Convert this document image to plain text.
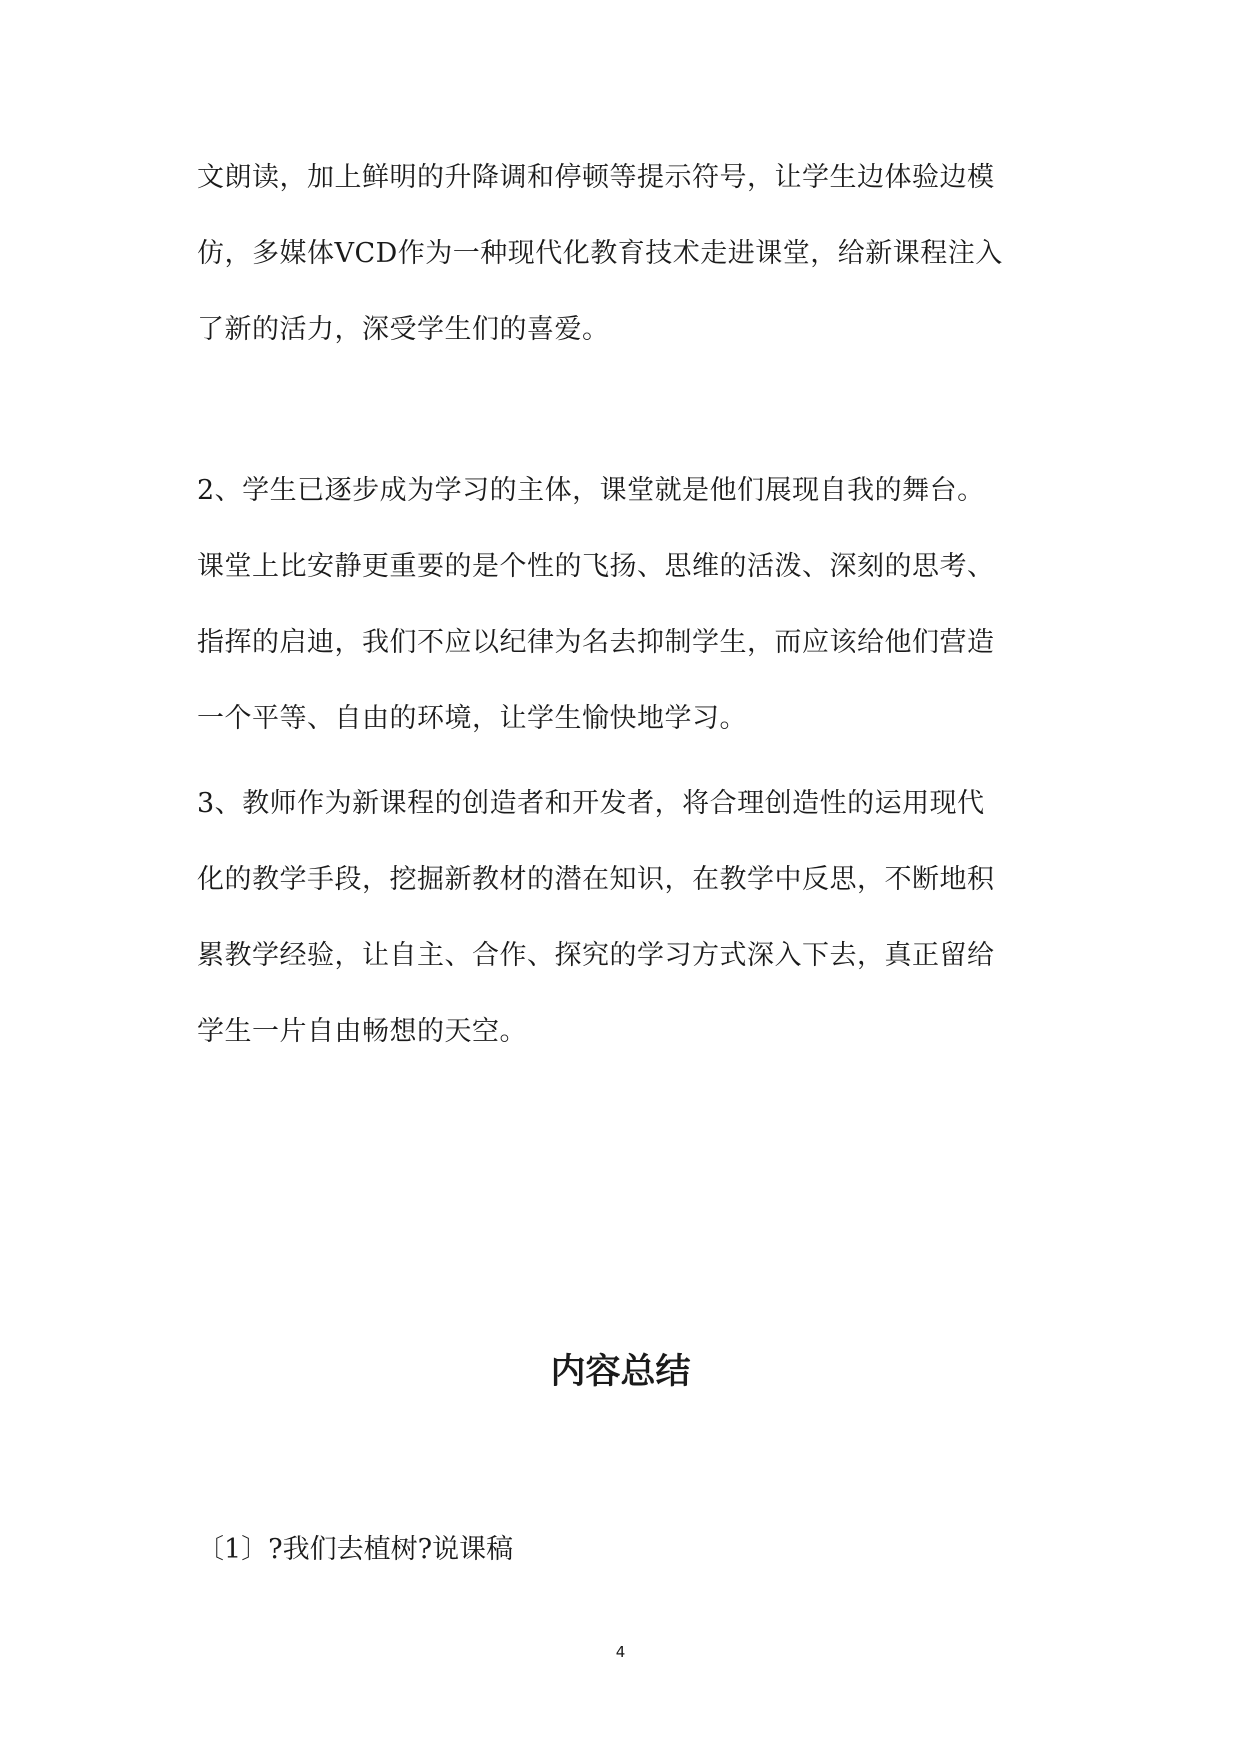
文朗读，加上鲜明的升降调和停顿等提示符号，让学生边体验边模
仿，多媒体VCD作为一种现代化教育技术走进课堂，给新课程注入
了新的活力，深受学生们的喜爱。
2、学生已逐步成为学习的主体，课堂就是他们展现自我的舞台。
课堂上比安静更重要的是个性的飞扬、思维的活泼、深刻的思考、
指挥的启迪，我们不应以纪律为名去抑制学生，而应该给他们营造
一个平等、自由的环境，让学生愉快地学习。
3、教师作为新课程的创造者和开发者，将合理创造性的运用现代
化的教学手段，挖掘新教材的潜在知识，在教学中反思，不断地积
累教学经验，让自主、合作、探究的学习方式深入下去，真正留给
学生一片自由畅想的天空。
内容总结
〔1〕?我们去植树?说课稿
4
